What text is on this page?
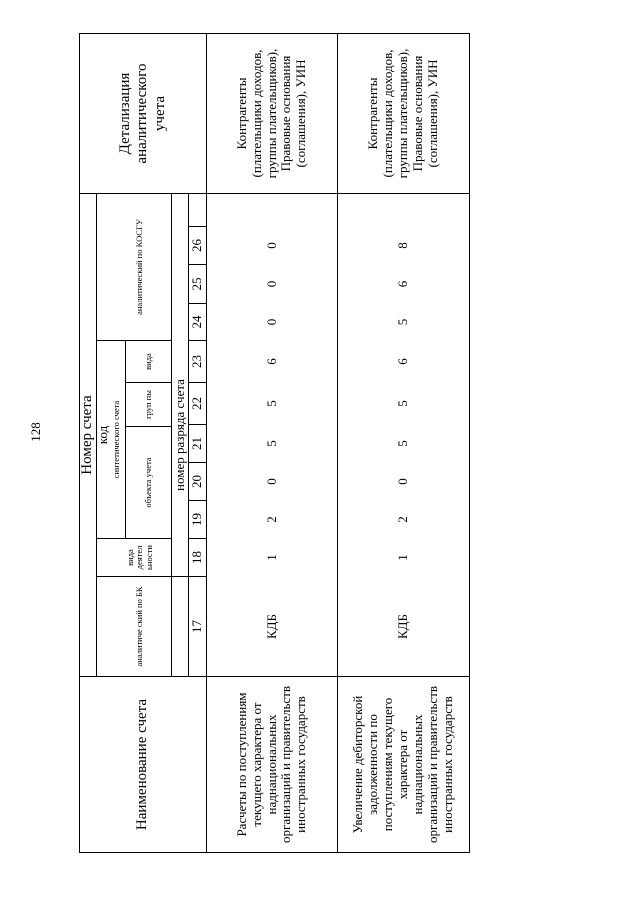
128
Наименование счета
Номер счета код
аналитиче ский по БК
вида деятел ьности
синтетического счета
объекта учета
груп пы
вида
аналитический по КОСГУ
номер разряда счета
17
18
19
20
21
22
23
24
25
26
Детализация аналитического учета
Расчеты по поступлениям текущего характера от наднациональных организаций и правительств иностранных государств
КДБ
1
2
0
5
5
6
0
0
0
Контрагенты (плательщики доходов, группы плательщиков), Правовые основания (соглашения), УИН
Увеличение дебиторской задолженности по поступлениям текущего характера от наднациональных организаций и правительств иностранных государств
КДБ
1
2
0
5
5
6
5
6
8
Контрагенты (плательщики доходов, группы плательщиков), Правовые основания (соглашения), УИН
